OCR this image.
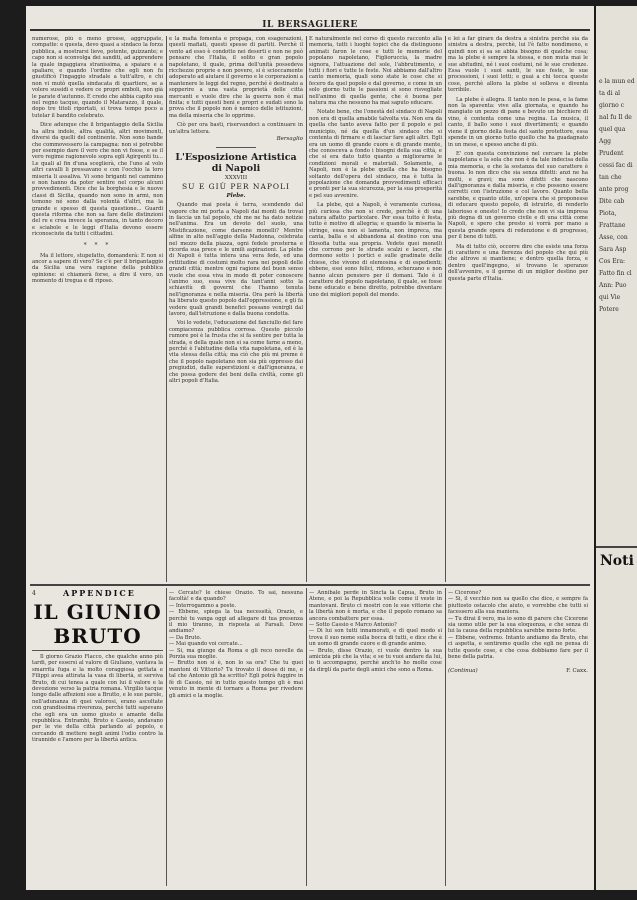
IL BERSAGLIERE

numerose, più o meno grosse, aggruppate, compatte: e questa, devo quasi a sindaco la forza pubblica, a mostrarsi lieve, potente, guizzante; e capo non si sconvolga dei sanditi, ad apprendere la quale ingaggiava stranissima, a spaiare e a spaliare, e quando l'ordine che egli non fu giustificò l'ingaggio stradale a tutt'altro, e chi non vi mutò quella sindacata di quartiere, se a volere sussidi e vedere ce propri emboli, non già le parate d'autunno. E credo che abbia capito sua nel regno tacque, quando il Matarazzo, il quale, dopo tre titoli riportati, si trova tempo poco a tutelar il bandito celebrato.

Dice adunque che il brigantaggio della Sicilia ha altra indole, altra qualità, altri movimenti, diversi da quelli del continente. Non sono bande che commovessero la campagna: non si potrebbe per esempio dare il vero che non vi fosse, e se il vero regime ragionevole sopra egli Agirgenti tu... Le quali al fin d'una sceglierà, che l'uno al volo altri cavalli li pressavano e con l'occhio la loro miseria li assaliva. Vi sono briganti nel cammino e non hanno da poter sentire nel corpo alcuni provvedimenti. Dice che la borghesia e le nuove classi di Sicilia, quando non sono in armi, non temono né sono dalla volontà d'altri, ma la grande e spesso di questa questione... Guardi questa riforma che non sa fare delle distinzioni del re e crea invece la speranza, in tanto decoro e sciabole e le leggi d'Italia devono essere riconosciute da tutti i cittadini.

* * *

Ma il lettore, stupefatto, domanderà: E non si ancor a sapere di vero? Se c'è per il brigantaggio da Sicilia una vera ragione della pubblica opinione: si chiamerà forse, a dire il vero, un momento di tregua e di riposo.

e la mafia fomenta e propaga, con esagerazioni, questi mafiati, questi spesse di partiti. Perchè il vento ad esso è condotto nei deserti e non ne può pensare che l'Italia, il solito e gran popolo napoletano, il quale, prima dell'unità possedeva ricchezze proprie e non povere, si è scioccamente adoperato ad aiutare il governo e le corporazioni a mantenere le leggi del regno, perché è destinato a sopperire a una vasta proprietà delle città mercanti e vuole dire che la guerra non è mai finita; e tutti questi beni e propri e sudati sono la prova che il popolo non è nemico delle istituzioni, ma della miseria che lo opprime.

Ciò per ora basti, riservandoci a continuare in un'altra lettera.

Bersaglio
L'Esposizione Artistica di Napoli
XXXVIII
SU E GIÙ PER NAPOLI
Plebe.

Quando mai posta è terra, scendendo dal vapore che mi porta a Napoli dai monti da trovai in faccia un tal popolo, chi me ne ha dato notizie nell'anima. Era un devoto del suolo, una Mistificazione, come darsene monelli? Mentre alfine in alto nell'aggio della Madonna, celebrata nel mezzo della piazza, ogni fedele prosterna e ricorda sua prece e le umili aspirazioni. La plebe di Napoli è tutta intera una vera fede, ed una rettitudine di costumi molto rara nei popoli delle grandi città; mentre ogni ragione del buon senso vuole che essa viva in modo di poter conoscere l'animo suo, essa vive da tant'anni sotto la schiavitù di governi che l'hanno tenuta nell'ignoranza e nella miseria. Ora però la libertà ha liberato questo popolo dall'oppressione, e gli fa vedere quali grandi benefici possano venirgli dal lavoro, dall'istruzione e dalla buona condotta.

Voi lo vedete, l'educazione del fanciullo del fare compiacenza pubblica corrosa. Questo piccolo rumore poi è la frusta che si fa sentire per tutta la strada, e della quale non si sa come farne a meno, perchè è l'abitudine della vita napoletana, ed è la vita stessa della città; ma ciò che più mi preme è che il popolo napoletano non sia più oppresso dai pregiudizi, dalle superstizioni e dall'ignoranza, e che possa godere dei beni della civiltà, come gli altri popoli d'Italia.

E naturalmente nel corso di questo racconto alla memoria, tutti i luoghi topici che da distinguono animati faron le cose e tutti le memorie del popolano napoletano, Figlioruccia, la madre signora, l'attuazione del sole, l'abbrutimento, e tutti i fiori e tutte le feste. Noi abbiamo dall'altro canto memoria, quali sono state le cose che si fecero da quel popolo e dal governo, e come in un solo giorno tutte le passioni si sono risvegliate nell'animo di quella gente, che è buona per natura ma che nessuno ha mai saputo educare.

Notate bene, che l'onestà del sindaco di Napoli non era di quella amabile talvolta via. Non era da quella che tanto aveva fatto per il popolo e pel municipio, né da quella d'un sindaco che si contenta di firmare e di lasciar fare agli altri. Egli era un uomo di grande cuore e di grande mente, che conosceva a fondo i bisogni della sua città, e che si era dato tutto quanto a migliorarne le condizioni morali e materiali. Solamente, a Napoli, non è la plebe quella che ha bisogno soltanto dell'opera del sindaco, ma è tutta la popolazione che domanda provvedimenti efficaci e pronti per la sua sicurezza, per la sua prosperità e pel suo avvenire.

La plebe, qui a Napoli, è veramente curiosa, più curiosa che non si crede, perchè è di una natura affatto particolare. Per essa tutto è festa, tutto è motivo di allegria; e quando la miseria la stringe, essa non si lamenta, non impreca, ma canta, balla e si abbandona al destino con una filosofia tutta sua propria. Vedete quei monelli che corrono per le strade scalzi e laceri, che dormono sotto i portici e sulle gradinate delle chiese, che vivono di elemosina e di espedienti; ebbene, essi sono felici, ridono, scherzano e non hanno alcun pensiero per il domani. Tale è il carattere del popolo napoletano, il quale, se fosse bene educato e bene diretto, potrebbe diventare uno dei migliori popoli del mondo.

e lei a far girare da destra a sinistra perchè sia da sinistra a destra, perchè, lui l'è fatto nondimeno, e quindi non si sa se abbia bisogno di qualche cosa; ma la plebe è sempre la stessa, e non muta mai le sue abitudini, né i suoi costumi, né le sue credenze. Essa vuole i suoi santi, le sue feste, le sue processioni, i suoi lotti; e guai a chi tocca queste cose, perchè allora la plebe si solleva e diventa terribile.

La plebe è allegra. Il tanto non le pesa, e la fame non la spaventa: vive alla giornata, e quando ha mangiato un pezzo di pane e bevuto un bicchiere di vino, è contenta come una regina. La musica, il canto, il ballo sono i suoi divertimenti; e quando viene il giorno della festa del santo protettore, essa spende in un giorno tutto quello che ha guadagnato in un mese, e spesso anche di più.

E' con questa convinzione nel cercare la plebe napoletana e la sola che non è da tale indecisa della mia memoria, e che la sostanza del suo carattere è buona. Io non dico che sia senza difetti: anzi ne ha molti, e gravi; ma sono difetti che nascono dall'ignoranza e dalla miseria, e che possono essere corretti con l'istruzione e col lavoro. Quanto bella sarebbe, e quanto utile, un'opera che si proponesse di educare questo popolo, di istruirlo, di renderlo laborioso e onesto! Io credo che non vi sia impresa più degna di un governo civile e di una città come Napoli, e spero che presto si vorrà por mano a questa grande opera di redenzione e di progresso, per il bene di tutti.

Ma di tutto ciò, occorre dire che esiste una forza di carattere e una fierezza del popolo che qui più che altrove si mantiene; e dentro quella forza, e dentro quell'ingegno, si trovano le speranze dell'avvenire, e il germe di un miglior destino per questa parte d'Italia.

4	APPENDICE
IL GIUNIO BRUTO

Il giorno Grazio Flacco, che qualche anno più tardi, per essersi al valore di Giuliano, vantava la smarrita fuga e la molto coraggiosa gettata e Filippi avea attirata la vasa di libertà, si serviva Bruto, di cui tenea a quale con lui il valore e la devozione verso la patria romana. Virgilio tacque lungo dalle affezioni sue a Brutto, e le sue parole, nell'adunanza di quei valorosi, erano ascoltate con grandissima riverenza, perchè tutti sapevano che egli era un uomo giusto e amante della repubblica. Entrambi, Bruto e Cassio, andavano per le vie della città parlando al popolo, e cercando di mettere negli animi l'odio contro la tirannide e l'amore per la libertà antica.

— Cercate? le chiese Orazio. To sai, nessuna facoltà! e da quando?
— Interrogammo a poste.
— Ebbene, spiega la tua necessità, Orazio, e perchè tu vanga oggi ad allegare di tua presenza il mio tiranno, in risposta ai Farsali. Dove andiamo?
— Da Bruto.
— Mai quando voi cercate...
— Si, ma giunge da Roma e gli reco novelle da Porzia sua moglie.
— Brutto non si è, non lo sa ora? Che tu quei mantoni di Vittorio? Tu trovato il desse di me, e tal che Antonio gli ha scritto? Egli potrà fuggire in fè di Cassio, né in tutto questo tempo gli è mai venuto in mente di tornare a Roma per rivedere gli amici e la moglie.

— Annibale perde in Sincta la Capua, Bruto in Atene, e poi la Repubblica volle come il veste in mantovani. Bruto ci mostri con le sue vittorie che la libertà non è morta, e che il popolo romano sa ancora combattere per essa.
— Sotto Cassio e Marco Antonio?
— Di lui son tutti innamorati, e di quel modo si trova il suo nome sulla bocca di tutti, e dice che è un uomo di grande cuore e di grande animo.
— Bruto, disse Orazio, ci vuole dentro la sua amicizia più che la vita; e se tu vuoi andare da lui, io ti accompagno, perchè anch'io ho molte cose da dirgli da parte degli amici che sono a Roma.

— Cicerone?
— Si, il vecchio non sa quello che dice, e sempre fa piuttosto ostacolo che aiuto, e vorrebbe che tutti si facessero alla sua maniera.
— Tu dirai il vero, ma io sono di parere che Cicerone sia uomo utile per la sua eloquenza, e che senza di lui la causa della repubblica sarebbe meno forte.
— Ebbene, vedremo. Intanto andiamo da Bruto, che ci aspetta, e sentiremo quello che egli ne pensa di tutte queste cose, e che cosa dobbiamo fare per il bene della patria.

(Continua)	F. Caxx.

e la mun ed ta di al giorno c nal fu Il de quel qua Agg Prudent cessi fac di tan che ante prog Dite cab Piota, Frattane Asse, con Sara Asp Cos Era: Fatto fin cl Ann: Puo qui Vie Potere

Noti
